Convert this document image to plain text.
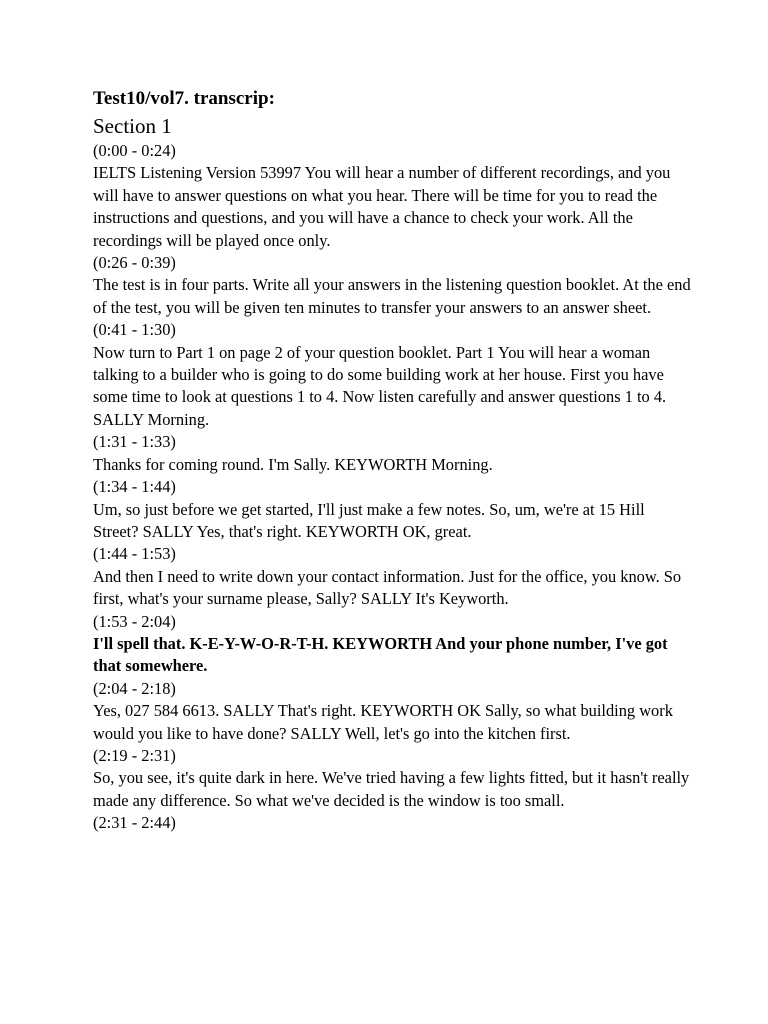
Test10/vol7. transcrip:

Section 1

(0:00 - 0:24)

IELTS Listening Version 53997 You will hear a number of different recordings, and you will have to answer questions on what you hear. There will be time for you to read the instructions and questions, and you will have a chance to check your work. All the recordings will be played once only.

(0:26 - 0:39)

The test is in four parts. Write all your answers in the listening question booklet. At the end of the test, you will be given ten minutes to transfer your answers to an answer sheet.

(0:41 - 1:30)

Now turn to Part 1 on page 2 of your question booklet. Part 1 You will hear a woman talking to a builder who is going to do some building work at her house. First you have some time to look at questions 1 to 4. Now listen carefully and answer questions 1 to 4. SALLY Morning.

(1:31 - 1:33)

Thanks for coming round. I'm Sally. KEYWORTH Morning.

(1:34 - 1:44)

Um, so just before we get started, I'll just make a few notes. So, um, we're at 15 Hill Street? SALLY Yes, that's right. KEYWORTH OK, great.

(1:44 - 1:53)

And then I need to write down your contact information. Just for the office, you know. So first, what's your surname please, Sally? SALLY It's Keyworth.

(1:53 - 2:04)

I'll spell that. K-E-Y-W-O-R-T-H. KEYWORTH And your phone number, I've got that somewhere.

(2:04 - 2:18)

Yes, 027 584 6613. SALLY That's right. KEYWORTH OK Sally, so what building work would you like to have done? SALLY Well, let's go into the kitchen first.

(2:19 - 2:31)

So, you see, it's quite dark in here. We've tried having a few lights fitted, but it hasn't really made any difference. So what we've decided is the window is too small.

(2:31 - 2:44)
